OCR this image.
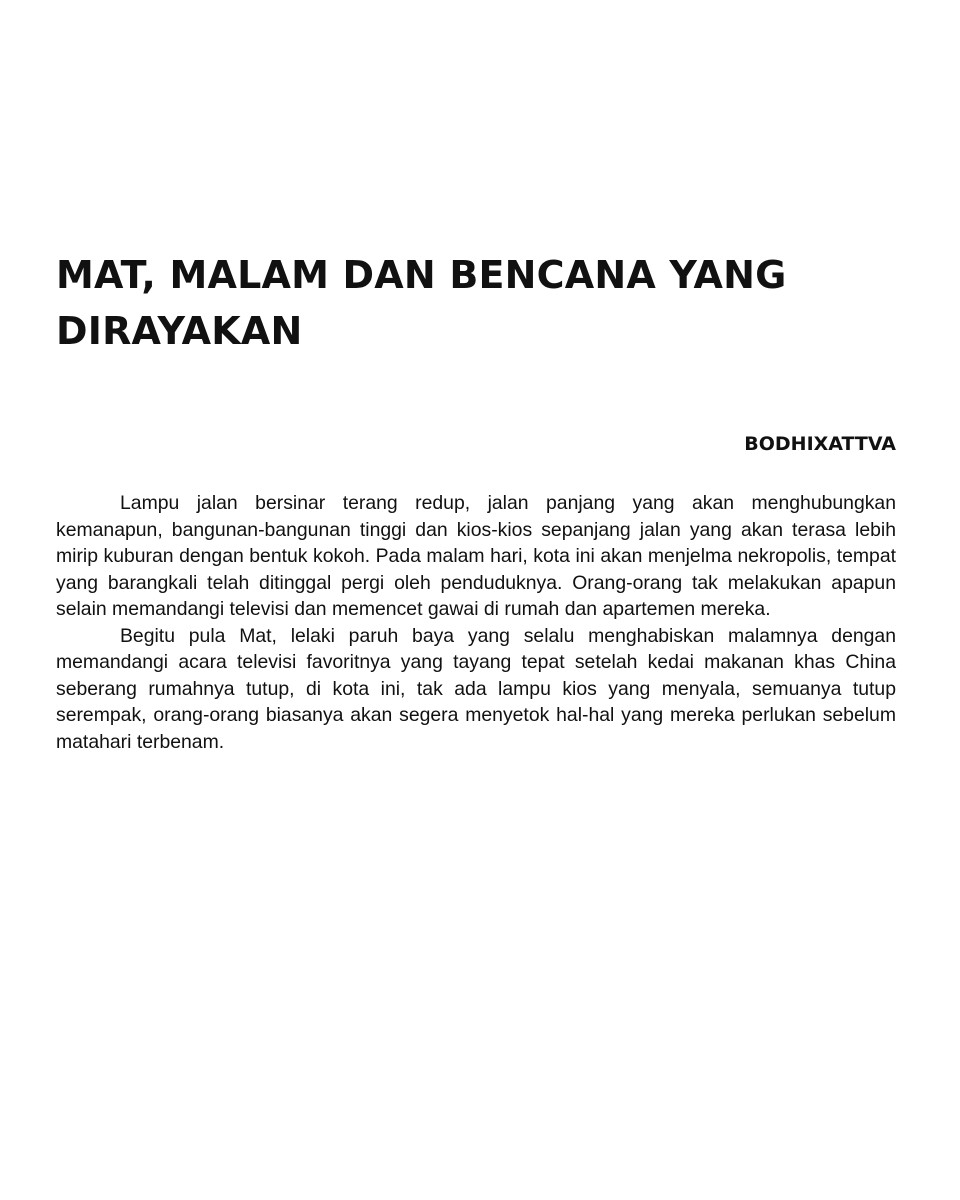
MAT, MALAM DAN BENCANA YANG DIRAYAKAN
BODHIXATTVA

Lampu jalan bersinar terang redup, jalan panjang yang akan menghubungkan kemanapun, bangunan-bangunan tinggi dan kios-kios sepanjang jalan yang akan terasa lebih mirip kuburan dengan bentuk kokoh. Pada malam hari, kota ini akan menjelma nekropolis, tempat yang barangkali telah ditinggal pergi oleh penduduknya. Orang-orang tak melakukan apapun selain memandangi televisi dan memencet gawai di rumah dan apartemen mereka.

Begitu pula Mat, lelaki paruh baya yang selalu menghabiskan malamnya dengan memandangi acara televisi favoritnya yang tayang tepat setelah kedai makanan khas China seberang rumahnya tutup, di kota ini, tak ada lampu kios yang menyala, semuanya tutup serempak, orang-orang biasanya akan segera menyetok hal-hal yang mereka perlukan sebelum matahari terbenam.
